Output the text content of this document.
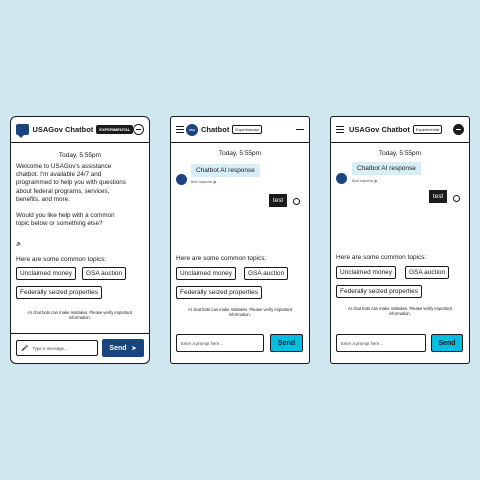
USAGov Chatbot	EXPERIMENTAL
Today, 5:55pm
Welcome to USAGov's assistance chatbot. I'm available 24/7 and programmed to help you with questions about federal programs, services, benefits, and more.
Would you like help with a common topic below or something else?
🔈
Here are some common topics:
Unclaimed money	GSA auction
Federally seized properties
AI chat bots can make mistakes. Please verify important information.
🎤 Type a message...	Send ➤
USA Chatbot	Experimental
Today, 5:55pm
Chatbot AI response
Bear response 🔈
test
Here are some common topics:
Unclaimed money	GSA auction
Federally seized properties
AI chat bots can make mistakes. Please verify important information.
Enter a prompt here...	Send
USAGov Chatbot	Experimental
Today, 5:55pm
Chatbot AI response
Bear response 🔈
test
Here are some common topics:
Unclaimed money	GSA auction
Federally seized properties
AI chat bots can make mistakes. Please verify important information.
Enter a prompt here...	Send
